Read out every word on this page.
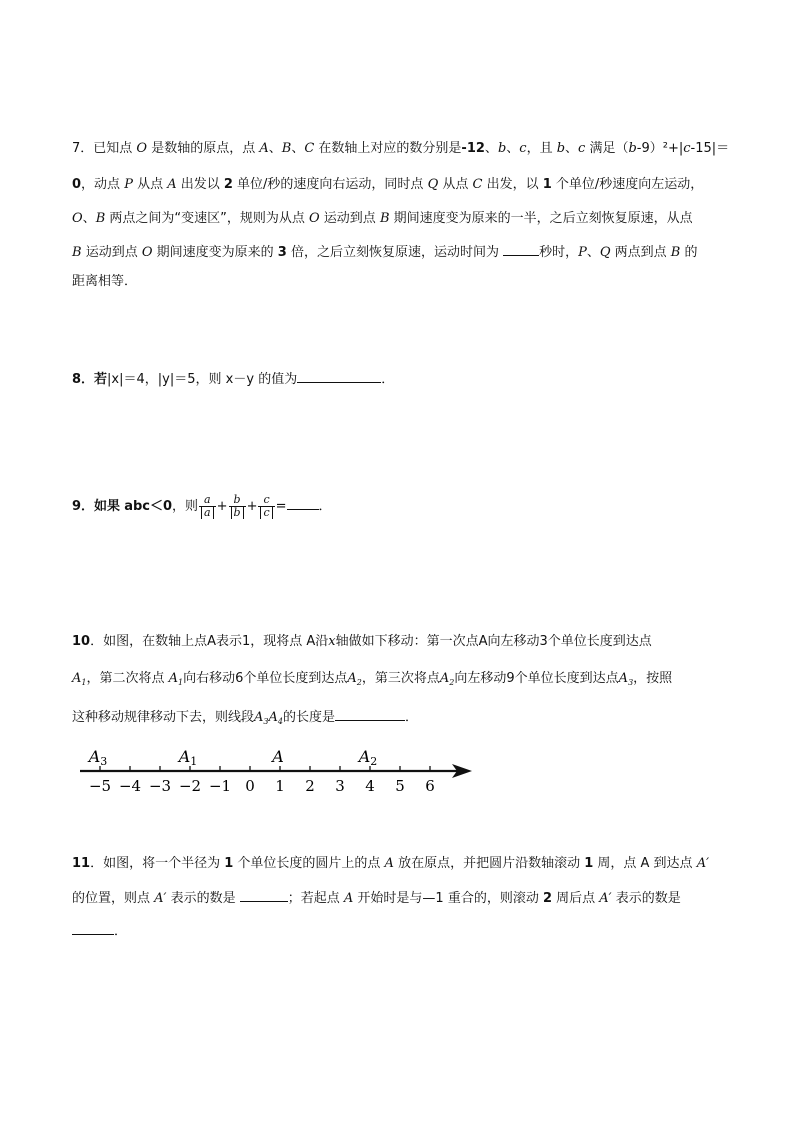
7．已知点 O 是数轴的原点，点 A、B、C 在数轴上对应的数分别是-12、b、c，且 b、c 满足（b-9）²+|c-15|＝
0，动点 P 从点 A 出发以 2 单位/秒的速度向右运动，同时点 Q 从点 C 出发，以 1 个单位/秒速度向左运动，
O、B 两点之间为“变速区”，规则为从点 O 运动到点 B 期间速度变为原来的一半，之后立刻恢复原速，从点
B 运动到点 O 期间速度变为原来的 3 倍，之后立刻恢复原速，运动时间为	秒时，P、Q 两点到点 B 的
距离相等．
8．若|x|＝4，|y|＝5，则 x－y 的值为	．
9．如果 abc＜0，则 $\frac{a}{a} + \frac{b}{b} + \frac{c}{c}$ = ．
10．如图，在数轴上点A表示1，现将点 A沿x轴做如下移动：第一次点A向左移动3个单位长度到达点
$A_1$，第二次将点 $A_1$向右移动6个单位长度到达点$A_2$，第三次将点$A_2$向左移动9个单位长度到达点$A_3$，按照
这种移动规律移动下去，则线段$A_3A_4$的长度是	．
−5 −4 −3 −2 −1 0 1 2 3 4 5 6
A3	A1	A	A2
11．如图，将一个半径为 1 个单位长度的圆片上的点 A 放在原点，并把圆片沿数轴滚动 1 周，点 A 到达点 A′
的位置，则点 A′ 表示的数是	；若起点 A 开始时是与—1 重合的，则滚动 2 周后点 A′ 表示的数是
．
